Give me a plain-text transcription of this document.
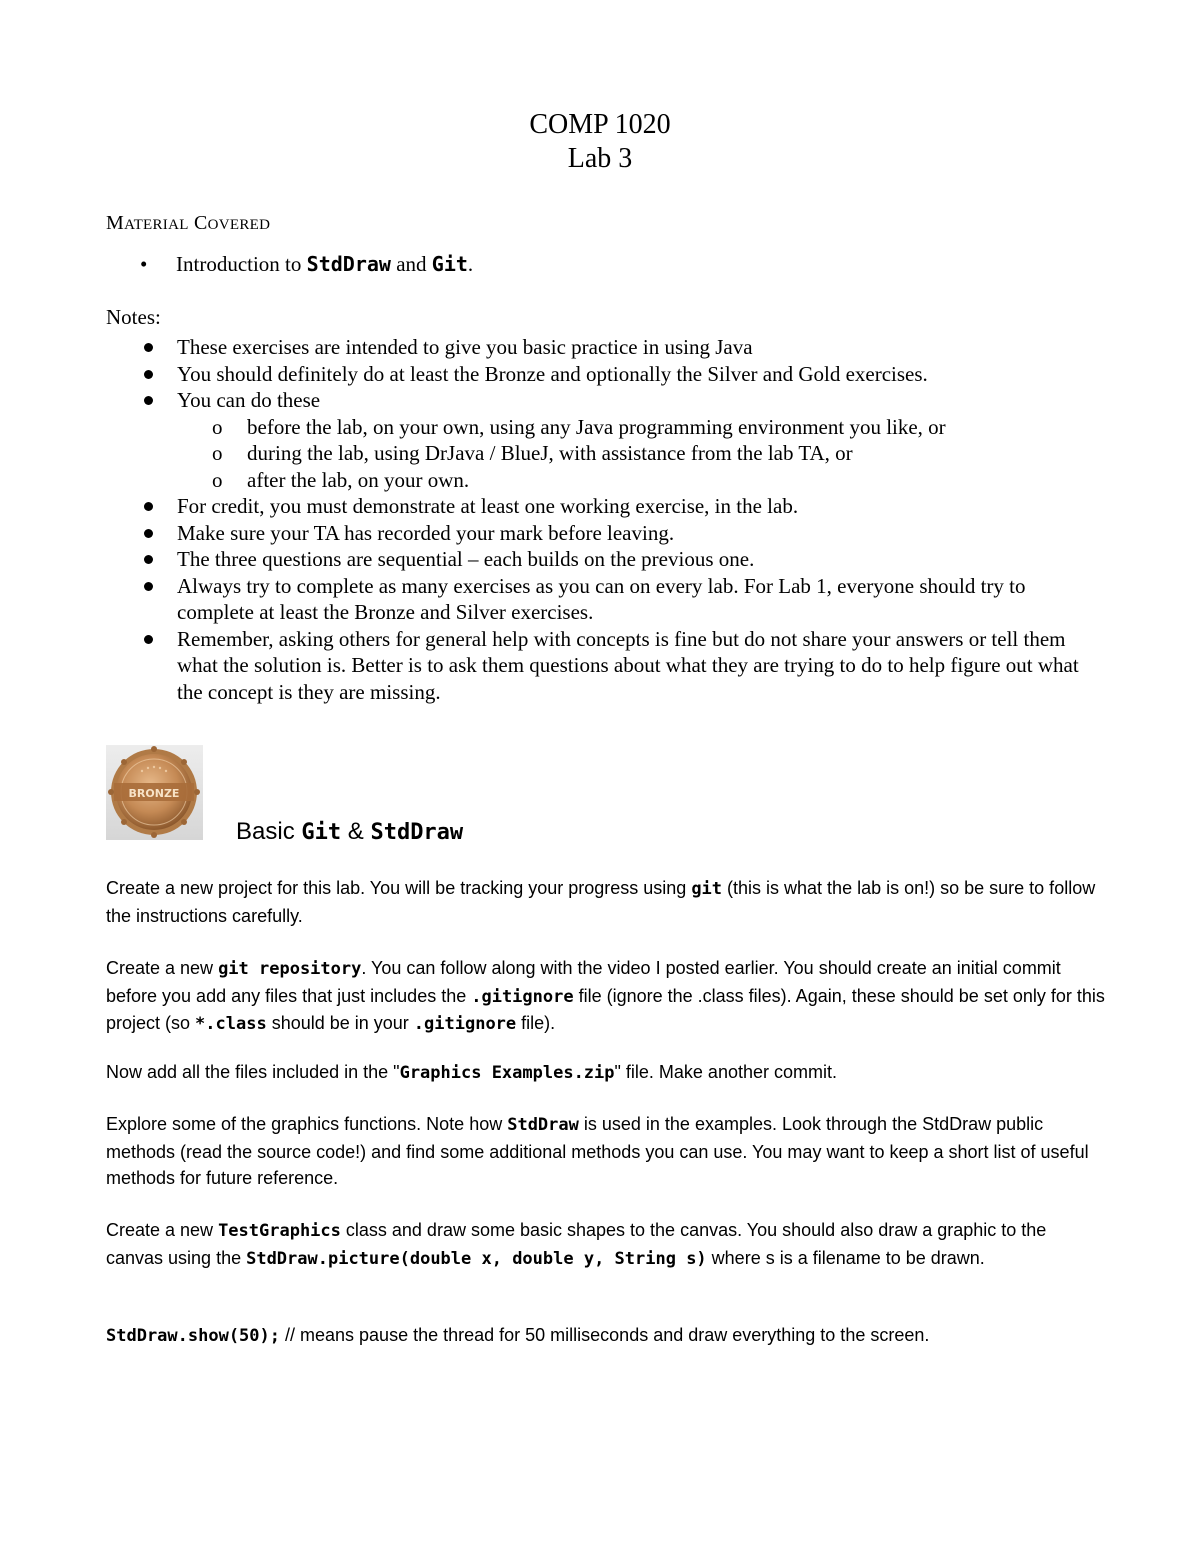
COMP 1020

Lab 3

MATERIAL COVERED
• Introduction to StdDraw and Git.
Notes:
These exercises are intended to give you basic practice in using Java
You should definitely do at least the Bronze and optionally the Silver and Gold exercises.
You can do these
o before the lab, on your own, using any Java programming environment you like, or
o during the lab, using DrJava / BlueJ, with assistance from the lab TA, or
o after the lab, on your own.
For credit, you must demonstrate at least one working exercise, in the lab.
Make sure your TA has recorded your mark before leaving.
The three questions are sequential – each builds on the previous one.
Always try to complete as many exercises as you can on every lab. For Lab 1, everyone should try to complete at least the Bronze and Silver exercises.
Remember, asking others for general help with concepts is fine but do not share your answers or tell them what the solution is. Better is to ask them questions about what they are trying to do to help figure out what the concept is they are missing.
BRONZE
Basic Git & StdDraw

Create a new project for this lab. You will be tracking your progress using git (this is what the lab is on!) so be sure to follow the instructions carefully.

Create a new git repository. You can follow along with the video I posted earlier. You should create an initial commit before you add any files that just includes the .gitignore file (ignore the .class files). Again, these should be set only for this project (so *.class should be in your .gitignore file).

Now add all the files included in the "Graphics Examples.zip" file. Make another commit.

Explore some of the graphics functions. Note how StdDraw is used in the examples. Look through the StdDraw public methods (read the source code!) and find some additional methods you can use. You may want to keep a short list of useful methods for future reference.

Create a new TestGraphics class and draw some basic shapes to the canvas. You should also draw a graphic to the canvas using the StdDraw.picture(double x, double y, String s) where s is a filename to be drawn.

StdDraw.show(50); // means pause the thread for 50 milliseconds and draw everything to the screen.
